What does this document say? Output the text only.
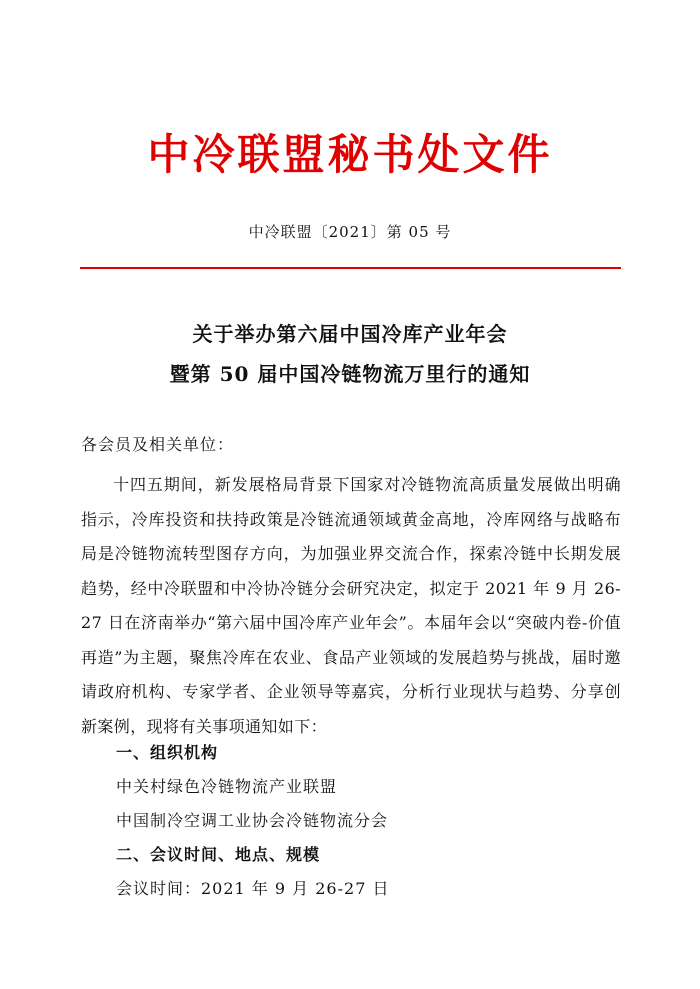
中冷联盟秘书处文件
中冷联盟〔2021〕第 05 号
关于举办第六届中国冷库产业年会
暨第 50 届中国冷链物流万里行的通知
各会员及相关单位：
十四五期间，新发展格局背景下国家对冷链物流高质量发展做出明确指示，冷库投资和扶持政策是冷链流通领域黄金高地，冷库网络与战略布局是冷链物流转型图存方向，为加强业界交流合作，探索冷链中长期发展趋势，经中冷联盟和中冷协冷链分会研究决定，拟定于 2021 年 9 月 26-27 日在济南举办“第六届中国冷库产业年会”。本届年会以“突破内卷-价值再造”为主题，聚焦冷库在农业、食品产业领域的发展趋势与挑战，届时邀请政府机构、专家学者、企业领导等嘉宾，分析行业现状与趋势、分享创新案例，现将有关事项通知如下：
一、组织机构
中关村绿色冷链物流产业联盟
中国制冷空调工业协会冷链物流分会
二、会议时间、地点、规模
会议时间：2021 年 9 月 26-27 日
